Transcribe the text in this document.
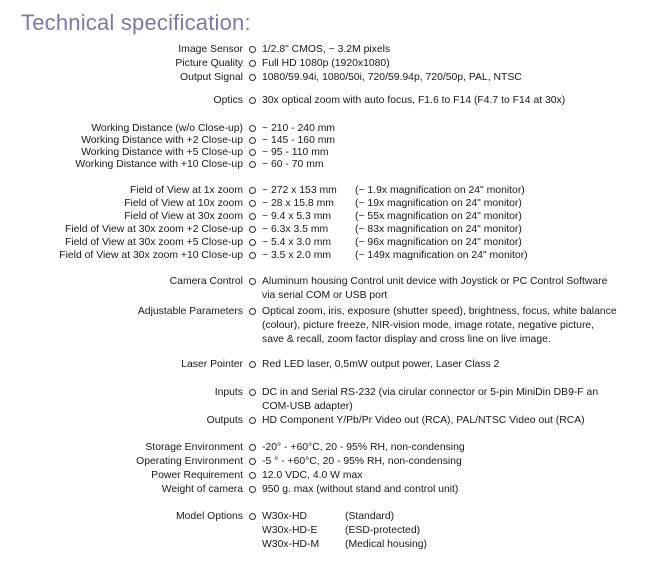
Technical specification:
Image Sensor 1/2.8" CMOS, ~ 3.2M pixels
Picture Quality Full HD 1080p (1920x1080)
Output Signal 1080/59.94i, 1080/50i, 720/59.94p, 720/50p, PAL, NTSC
Optics 30x optical zoom with auto focus, F1.6 to F14 (F4.7 to F14 at 30x)
Working Distance (w/o Close-up) ~ 210 - 240 mm
Working Distance with +2 Close-up ~ 145 - 160 mm
Working Distance with +5 Close-up ~ 95 - 110 mm
Working Distance with +10 Close-up ~ 60 - 70 mm
Field of View at 1x zoom ~ 272 x 153 mm (~ 1.9x magnification on 24" monitor)
Field of View at 10x zoom ~ 28 x 15.8 mm (~ 19x magnification on 24" monitor)
Field of View at 30x zoom ~ 9.4 x 5.3 mm (~ 55x magnification on 24" monitor)
Field of View at 30x zoom +2 Close-up ~ 6.3x 3.5 mm	(~ 83x magnification on 24" monitor)
Field of View at 30x zoom +5 Close-up ~ 5.4 x 3.0 mm (~ 96x magnification on 24" monitor)
Field of View at 30x zoom +10 Close-up ~ 3.5 x 2.0 mm (~ 149x magnification on 24" monitor)
Camera Control Aluminum housing Control unit device with Joystick or PC Control Software
via serial COM or USB port
Adjustable Parameters Optical zoom, iris, exposure (shutter speed), brightness, focus, white balance
(colour), picture freeze, NIR-vision mode, image rotate, negative picture,
save & recall, zoom factor display and cross line on live image.
Laser Pointer Red LED laser, 0,5mW output power, Laser Class 2
Inputs DC in and Serial RS-232 (via cirular connector or 5-pin MiniDin DB9-F an
COM-USB adapter)
Outputs HD Component Y/Pb/Pr Video out (RCA), PAL/NTSC Video out (RCA)
Storage Environment -20° - +60°C, 20 - 95% RH, non-condensing
Operating Environment -5 ° - +60°C, 20 - 95% RH, non-condensing
Power Requirement 12.0 VDC, 4.0 W max
Weight of camera 950 g. max (without stand and control unit)
Model Options W30x-HD	(Standard)
W30x-HD-E	(ESD-protected)
W30x-HD-M (Medical housing)
